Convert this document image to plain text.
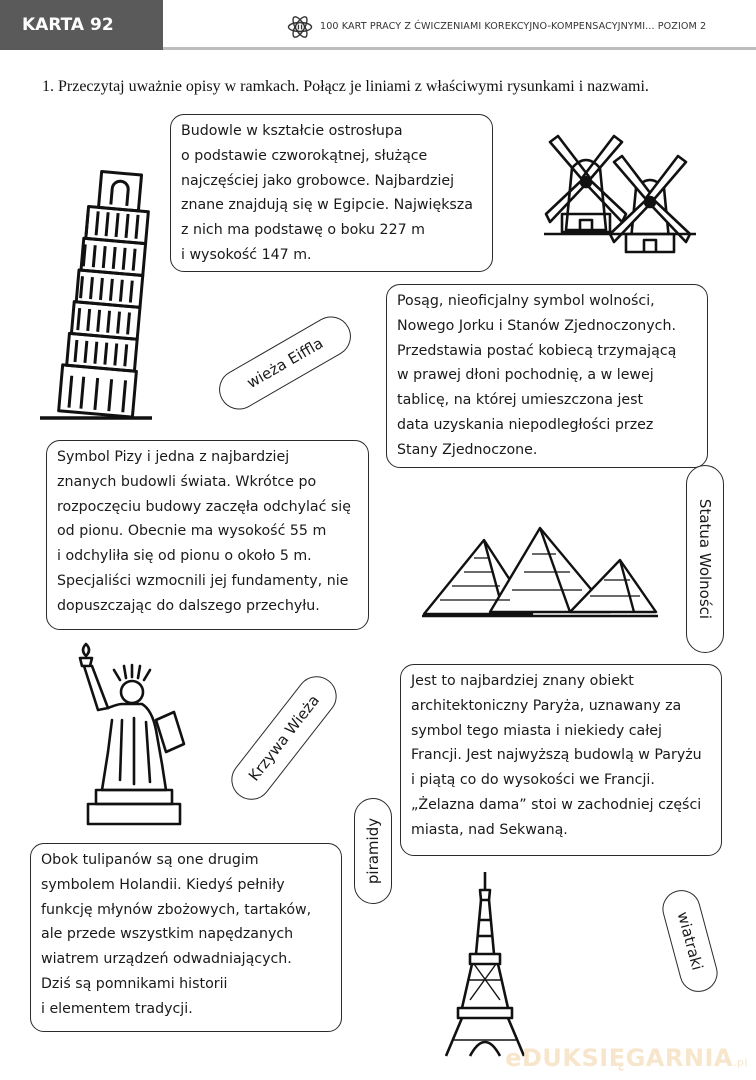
KARTA 92	100 KART PRACY Z ĆWICZENIAMI KOREKCYJNO-KOMPENSACYJNYMI... POZIOM 2
1. Przeczytaj uważnie opisy w ramkach. Połącz je liniami z właściwymi rysunkami i nazwami.
Budowle w kształcie ostrosłupa
o podstawie czworokątnej, służące
najczęściej jako grobowce. Najbardziej
znane znajdują się w Egipcie. Największa
z nich ma podstawę o boku 227 m
i wysokość 147 m.
Posąg, nieoficjalny symbol wolności,
Nowego Jorku i Stanów Zjednoczonych.
Przedstawia postać kobiecą trzymającą
w prawej dłoni pochodnię, a w lewej
tablicę, na której umieszczona jest
data uzyskania niepodległości przez
Stany Zjednoczone.
Symbol Pizy i jedna z najbardziej
znanych budowli świata. Wkrótce po
rozpoczęciu budowy zaczęła odchylać się
od pionu. Obecnie ma wysokość 55 m
i odchyliła się od pionu o około 5 m.
Specjaliści wzmocnili jej fundamenty, nie
dopuszczając do dalszego przechyłu.
Jest to najbardziej znany obiekt
architektoniczny Paryża, uznawany za
symbol tego miasta i niekiedy całej
Francji. Jest najwyższą budowlą w Paryżu
i piątą co do wysokości we Francji.
„Żelazna dama” stoi w zachodniej części
miasta, nad Sekwaną.
Obok tulipanów są one drugim
symbolem Holandii. Kiedyś pełniły
funkcję młynów zbożowych, tartaków,
ale przede wszystkim napędzanych
wiatrem urządzeń odwadniających.
Dziś są pomnikami historii
i elementem tradycji.
wieża Eiffla
Statua Wolności
Krzywa Wieża
piramidy
wiatraki
eDUKSIĘGARNIA.pl
